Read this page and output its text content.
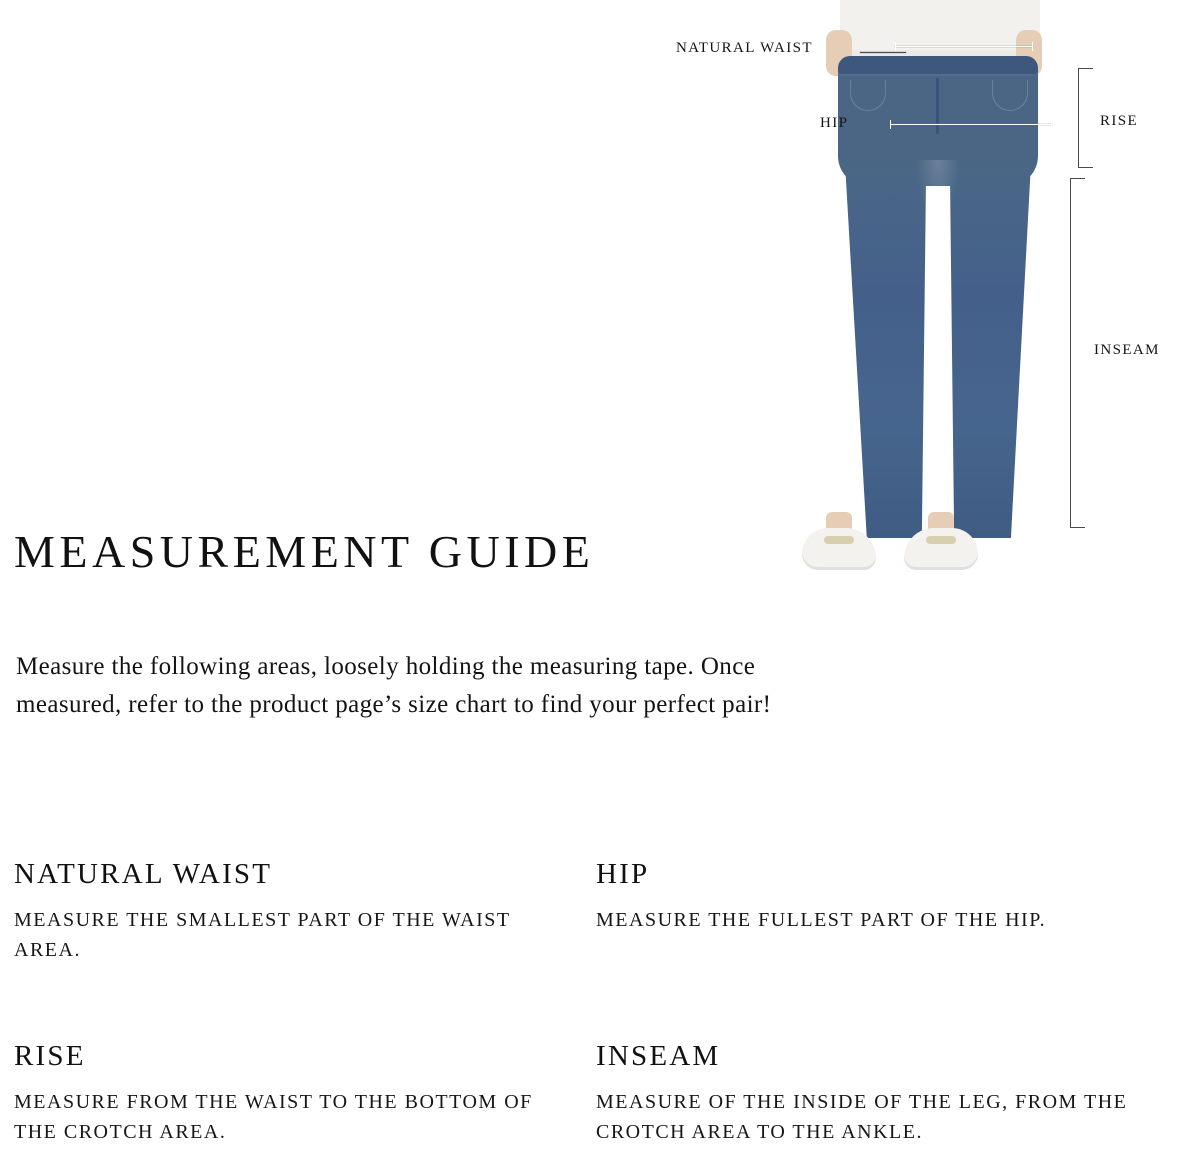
NATURAL WAIST
HIP	RISE
INSEAM
MEASUREMENT GUIDE
Measure the following areas, loosely holding the measuring tape. Once measured, refer to the product page’s size chart to find your perfect pair!

NATURAL WAIST

MEASURE THE SMALLEST PART OF THE WAIST AREA.

HIP

MEASURE THE FULLEST PART OF THE HIP.

RISE

MEASURE FROM THE WAIST TO THE BOTTOM OF THE CROTCH AREA.

INSEAM

MEASURE OF THE INSIDE OF THE LEG, FROM THE CROTCH AREA TO THE ANKLE.
